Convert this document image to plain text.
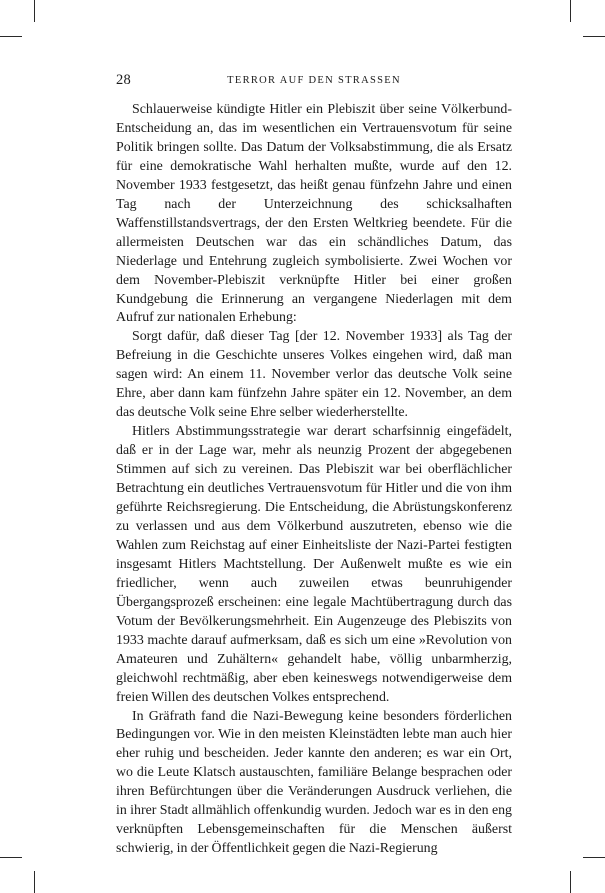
28	TERROR AUF DEN STRASSEN

Schlauerweise kündigte Hitler ein Plebiszit über seine Völkerbund-Entscheidung an, das im wesentlichen ein Vertrauensvotum für seine Politik bringen sollte. Das Datum der Volksabstimmung, die als Ersatz für eine demokratische Wahl herhalten mußte, wurde auf den 12. November 1933 festgesetzt, das heißt genau fünfzehn Jahre und einen Tag nach der Unterzeichnung des schicksalhaften Waffenstillstandsvertrags, der den Ersten Weltkrieg beendete. Für die allermeisten Deutschen war das ein schändliches Datum, das Niederlage und Entehrung zugleich symbolisierte. Zwei Wochen vor dem November-Plebiszit verknüpfte Hitler bei einer großen Kundgebung die Erinnerung an vergangene Niederlagen mit dem Aufruf zur nationalen Erhebung:

Sorgt dafür, daß dieser Tag [der 12. November 1933] als Tag der Befreiung in die Geschichte unseres Volkes eingehen wird, daß man sagen wird: An einem 11. November verlor das deutsche Volk seine Ehre, aber dann kam fünfzehn Jahre später ein 12. November, an dem das deutsche Volk seine Ehre selber wiederherstellte.

Hitlers Abstimmungsstrategie war derart scharfsinnig eingefädelt, daß er in der Lage war, mehr als neunzig Prozent der abgegebenen Stimmen auf sich zu vereinen. Das Plebiszit war bei oberflächlicher Betrachtung ein deutliches Vertrauensvotum für Hitler und die von ihm geführte Reichsregierung. Die Entscheidung, die Abrüstungskonferenz zu verlassen und aus dem Völkerbund auszutreten, ebenso wie die Wahlen zum Reichstag auf einer Einheitsliste der Nazi-Partei festigten insgesamt Hitlers Machtstellung. Der Außenwelt mußte es wie ein friedlicher, wenn auch zuweilen etwas beunruhigender Übergangsprozeß erscheinen: eine legale Machtübertragung durch das Votum der Bevölkerungsmehrheit. Ein Augenzeuge des Plebiszits von 1933 machte darauf aufmerksam, daß es sich um eine »Revolution von Amateuren und Zuhältern« gehandelt habe, völlig unbarmherzig, gleichwohl rechtmäßig, aber eben keineswegs notwendigerweise dem freien Willen des deutschen Volkes entsprechend.

In Gräfrath fand die Nazi-Bewegung keine besonders förderlichen Bedingungen vor. Wie in den meisten Kleinstädten lebte man auch hier eher ruhig und bescheiden. Jeder kannte den anderen; es war ein Ort, wo die Leute Klatsch austauschten, familiäre Belange besprachen oder ihren Befürchtungen über die Veränderungen Ausdruck verliehen, die in ihrer Stadt allmählich offenkundig wurden. Jedoch war es in den eng verknüpften Lebensgemeinschaften für die Menschen äußerst schwierig, in der Öffentlichkeit gegen die Nazi-Regierung
